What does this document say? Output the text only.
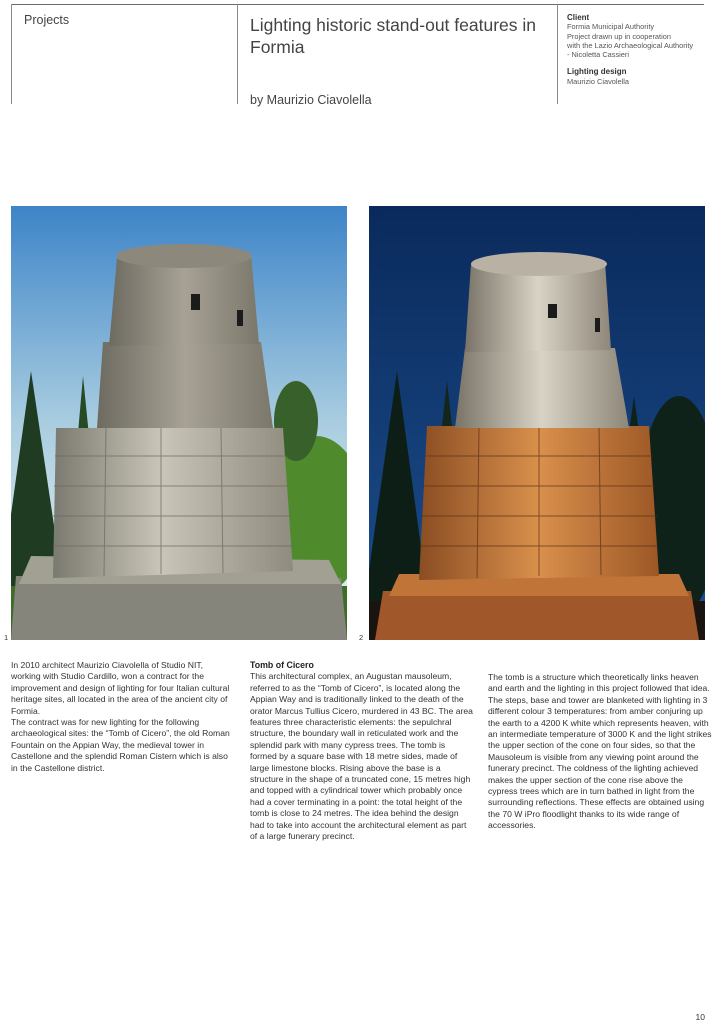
Projects	Lighting historic stand-out features in Formia
by Maurizio Ciavolella
Client
Formia Municipal Authority
Project drawn up in cooperation
with the Lazio Archaeological Authority
- Nicoletta Cassieri
Lighting design
Maurizio Ciavolella
1	2

In 2010 architect Maurizio Ciavolella of Studio NIT, working with Studio Cardillo, won a contract for the improvement and design of lighting for four Italian cultural heritage sites, all located in the area of the ancient city of Formia.

The contract was for new lighting for the following archaeological sites: the “Tomb of Cicero”, the old Roman Fountain on the Appian Way, the medieval tower in Castellone and the splendid Roman Cistern which is also in the Castellone district.

Tomb of Cicero

This architectural complex, an Augustan mausoleum, referred to as the “Tomb of Cicero”, is located along the Appian Way and is traditionally linked to the death of the orator Marcus Tullius Cicero, murdered in 43 BC. The area features three characteristic elements: the sepulchral structure, the boundary wall in reticulated work and the splendid park with many cypress trees. The tomb is formed by a square base with 18 metre sides, made of large limestone blocks. Rising above the base is a structure in the shape of a truncated cone, 15 metres high and topped with a cylindrical tower which probably once had a cover terminating in a point: the total height of the tomb is close to 24 metres. The idea behind the design had to take into account the architectural element as part of a large funerary precinct.

The tomb is a structure which theoretically links heaven and earth and the lighting in this project followed that idea. The steps, base and tower are blanketed with lighting in 3 different colour 3 temperatures: from amber conjuring up the earth to a 4200 K white which represents heaven, with an intermediate temperature of 3000 K and the light strikes the upper section of the cone on four sides, so that the Mausoleum is visible from any viewing point around the funerary precinct. The coldness of the lighting achieved makes the upper section of the cone rise above the cypress trees which are in turn bathed in light from the surrounding reflections. These effects are obtained using the 70 W iPro floodlight thanks to its wide range of accessories.

10
